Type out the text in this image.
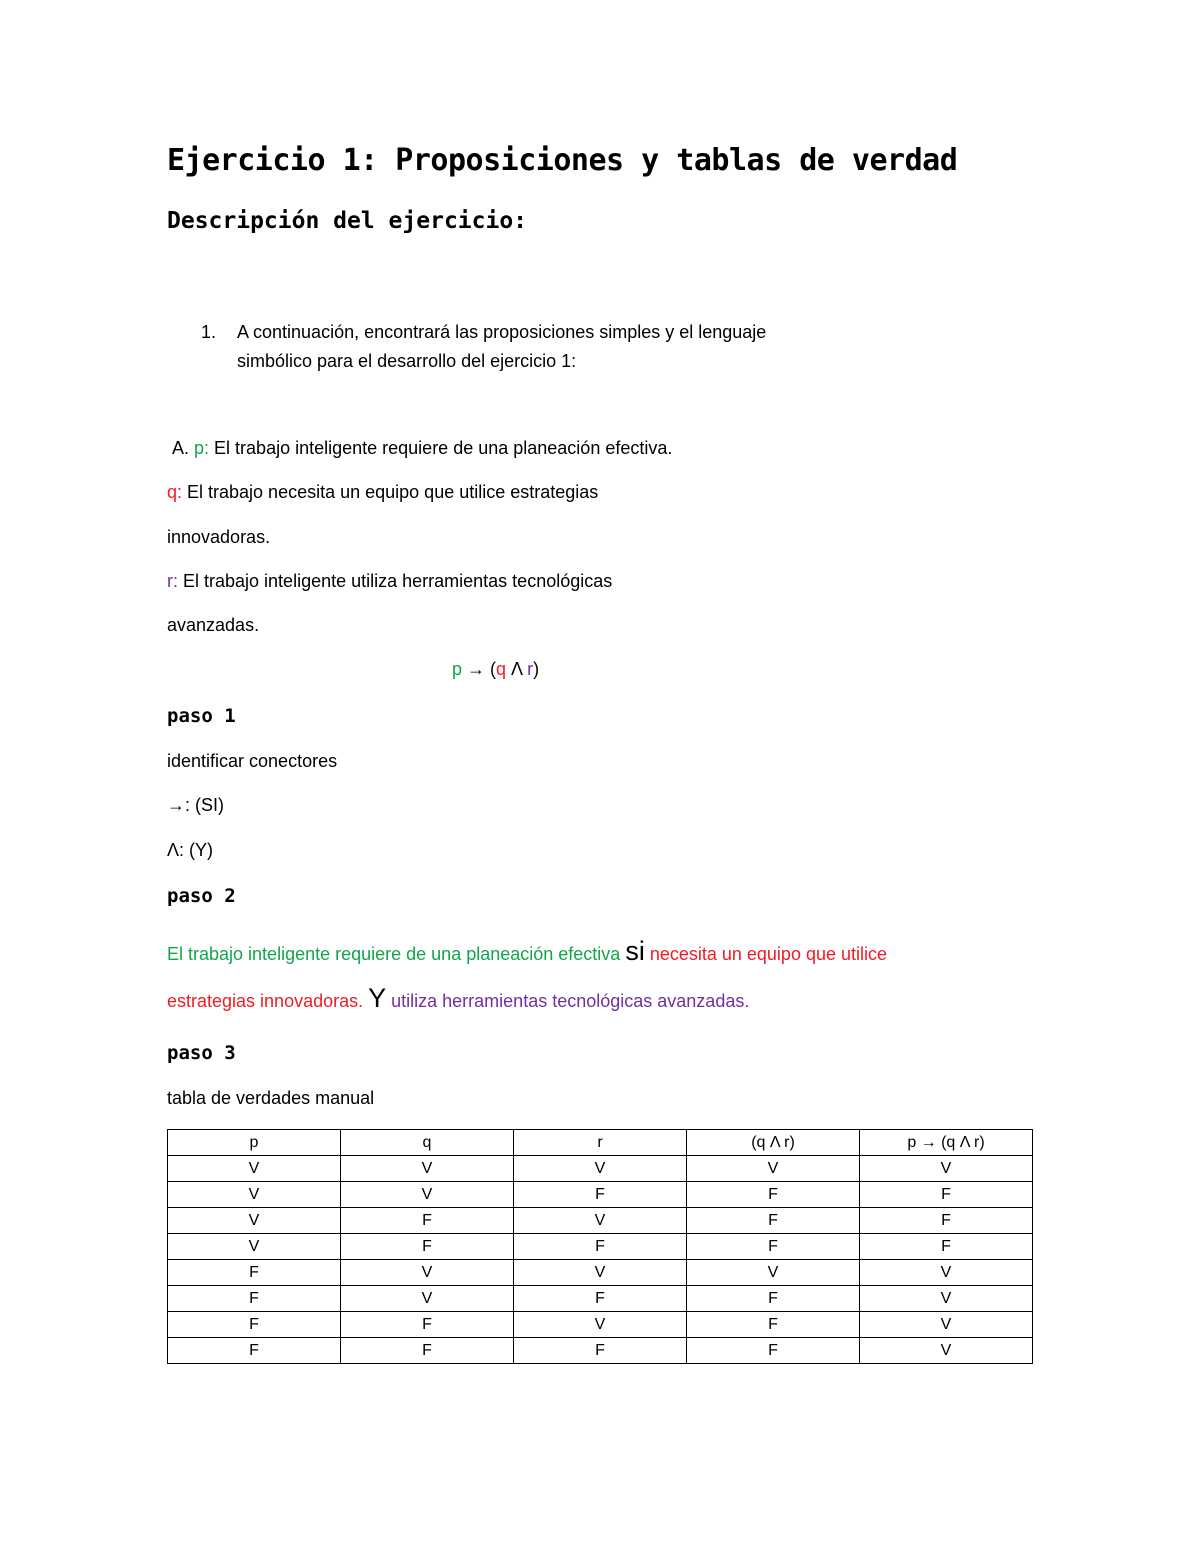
Ejercicio 1: Proposiciones y tablas de verdad
Descripción del ejercicio:
1. A continuación, encontrará las proposiciones simples y el lenguaje
simbólico para el desarrollo del ejercicio 1:
A. p: El trabajo inteligente requiere de una planeación efectiva.
q: El trabajo necesita un equipo que utilice estrategias
innovadoras.
r: El trabajo inteligente utiliza herramientas tecnológicas
avanzadas.
p → (q Λ r)
paso 1
identificar conectores
→: (SI)
Λ: (Y)
paso 2
El trabajo inteligente requiere de una planeación efectiva si necesita un equipo que utilice
estrategias innovadoras. Y utiliza herramientas tecnológicas avanzadas.
paso 3
tabla de verdades manual
p	q	r	(q Λ r)	p → (q Λ r)
V	V	V	V	V
V	V	F	F	F
V	F	V	F	F
V	F	F	F	F
F	V	V	V	V
F	V	F	F	V
F	F	V	F	V
F	F	F	F	V
